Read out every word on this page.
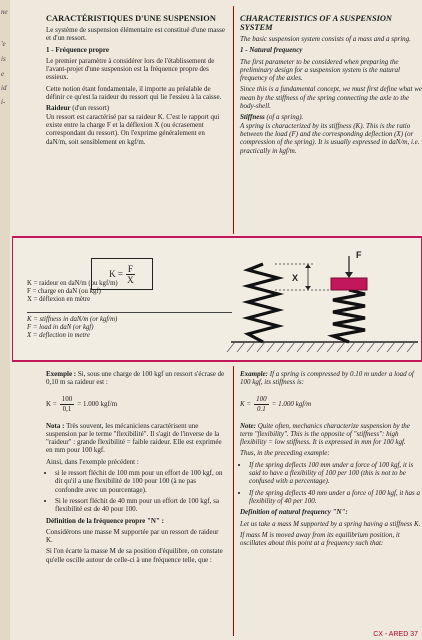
ne
'e
is
e
id
i-
CARACTÉRISTIQUES D'UNE SUSPENSION

Le système de suspension élémentaire est constitué d'une masse et d'un ressort.

1 - Fréquence propre

Le premier paramètre à considérer lors de l'établissement de l'avant-projet d'une suspension est la fréquence propre des essieux.

Cette notion étant fondamentale, il importe au préalable de définir ce qu'est la raideur du ressort qui lie l'essieu à la caisse.

Raideur (d'un ressort)

Un ressort est caractérisé par sa raideur K. C'est le rapport qui existe entre la charge F et la déflexion X (ou écrasement correspondant du ressort). On l'exprime généralement en daN/m, soit sensiblement en kgf/m.

CHARACTERISTICS OF A SUSPENSION SYSTEM

The basic suspension system consists of a mass and a spring.

1 - Natural frequency

The first parameter to be considered when preparing the preliminary design for a suspension system is the natural frequency of the axles.

Since this is a fundamental concept, we must first define what we mean by the stiffness of the spring connecting the axle to the body-shell.

Stiffness (of a spring).

A spring is characterized by its stiffness (K). This is the ratio between the load (F) and the corresponding deflection (X) (or compression of the spring). It is usually expressed in daN/m, i.e. practically in kgf/m.

$K = \frac{F}{X}$
K = raideur en daN/m (ou kgf/m)
F = charge en daN (ou kgf)
X = déflexion en mètre
K = stiffness in daN/m (or kgf/m)
F = load in daN (or kgf)
X = deflection in metre
F
X

Exemple : Si, sous une charge de 100 kgf un ressort s'écrase de 0,10 m sa raideur est :

$K = \frac{100}{0,1} = 1.000$ kgf/m

Nota : Très souvent, les mécaniciens caractérisent une suspension par le terme "flexibilité". Il s'agit de l'inverse de la "raideur" : grande flexibilité = faible raideur. Elle est exprimée en mm pour 100 kgf.

Ainsi, dans l'exemple précédent :

• si le ressort fléchit de 100 mm pour un effort de 100 kgf, on dit qu'il a une flexibilité de 100 pour 100 (à ne pas confondre avec un pourcentage).
• Si le ressort fléchit de 40 mm pour un effort de 100 kgf, sa flexibilité est de 40 pour 100.

Définition de la fréquence propre "N" :

Considérons une masse M supportée par un ressort de raideur K.

Si l'on écarte la masse M de sa position d'équilibre, on constate qu'elle oscille autour de celle-ci à une fréquence telle, que :

Example: If a spring is compressed by 0.10 m under a load of 100 kgf, its stiffness is:

$K = \frac{100}{0.1} = 1.000$ kgf/m

Note: Quite often, mechanics characterize suspension by the term "flexibility". This is the opposite of "stiffness": high flexibility = low stiffness. It is expressed in mm for 100 kgf.

Thus, in the preceding example:

• If the spring deflects 100 mm under a force of 100 kgf, it is said to have a flexibility of 100 per 100 (this is not to be confused with a percentage).
• If the spring deflects 40 mm under a force of 100 kgf, it has a flexibility of 40 per 100.

Definition of natural frequency "N":

Let us take a mass M supported by a spring having a stiffness K.

If mass M is moved away from its equilibrium position, it oscillates about this point at a frequency such that:

CX - ARED 37
